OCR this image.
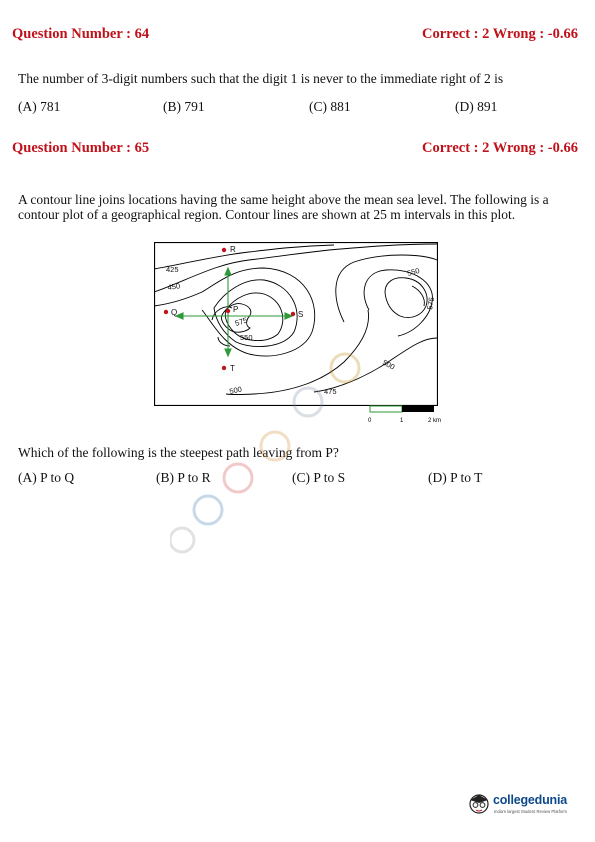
Question Number : 64	Correct : 2 Wrong : -0.66
The number of 3-digit numbers such that the digit 1 is never to the immediate right of 2 is
(A) 781	(B) 791	(C) 881	(D) 891
Question Number : 65	Correct : 2 Wrong : -0.66
A contour line joins locations having the same height above the mean sea level. The following is a
contour plot of a geographical region. Contour lines are shown at 25 m intervals in this plot.
P
R
Q	S
T
425
450
575
550
500	475
550
575
500
0	1	2 km
Which of the following is the steepest path leaving from P?
(A) P to Q	(B) P to R	(C) P to S	(D) P to T
collegedunia
India's largest Student Review Platform
